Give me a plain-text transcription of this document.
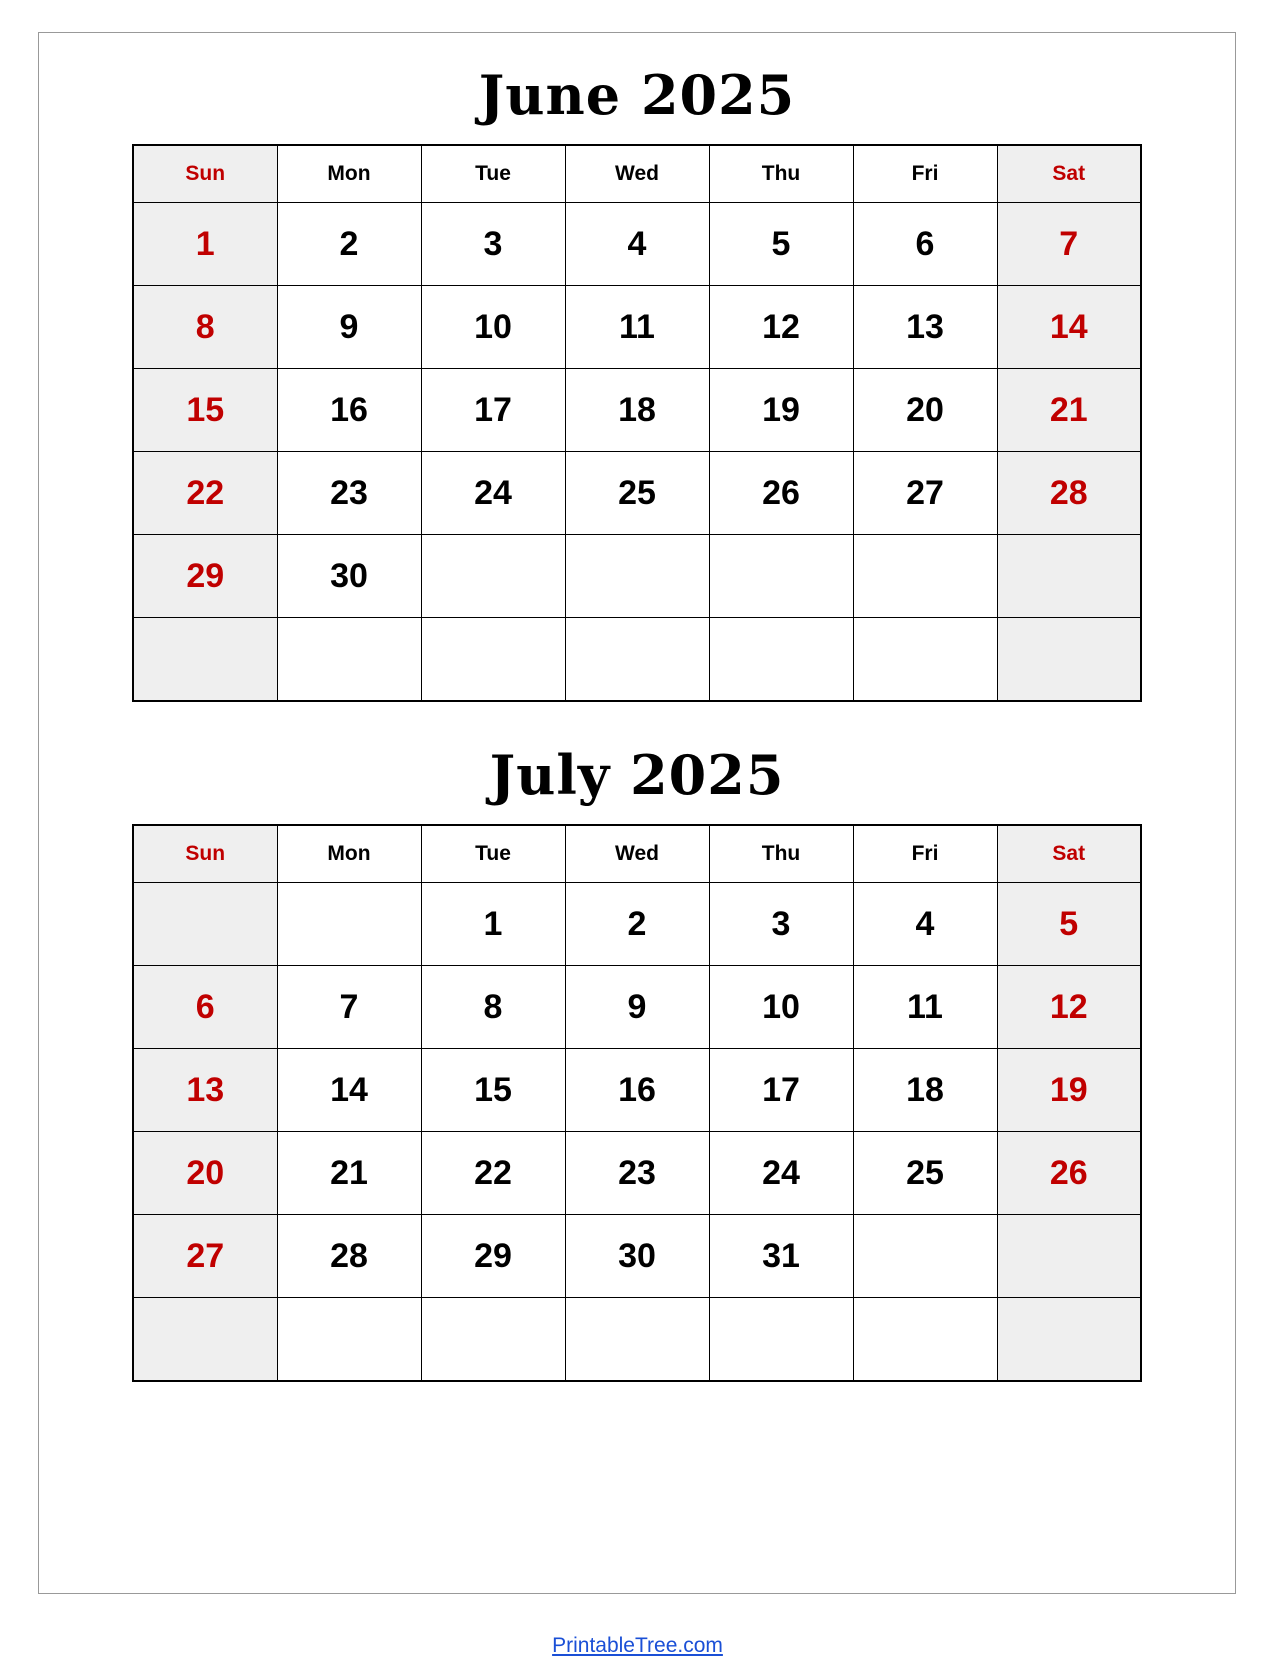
June 2025
Sun	Mon	Tue	Wed	Thu	Fri	Sat
1	2	3	4	5	6	7
8	9	10	11	12	13	14
15	16	17	18	19	20	21
22	23	24	25	26	27	28
29	30					

July 2025
Sun	Mon	Tue	Wed	Thu	Fri	Sat
		1	2	3	4	5
6	7	8	9	10	11	12
13	14	15	16	17	18	19
20	21	22	23	24	25	26
27	28	29	30	31		

PrintableTree.com
